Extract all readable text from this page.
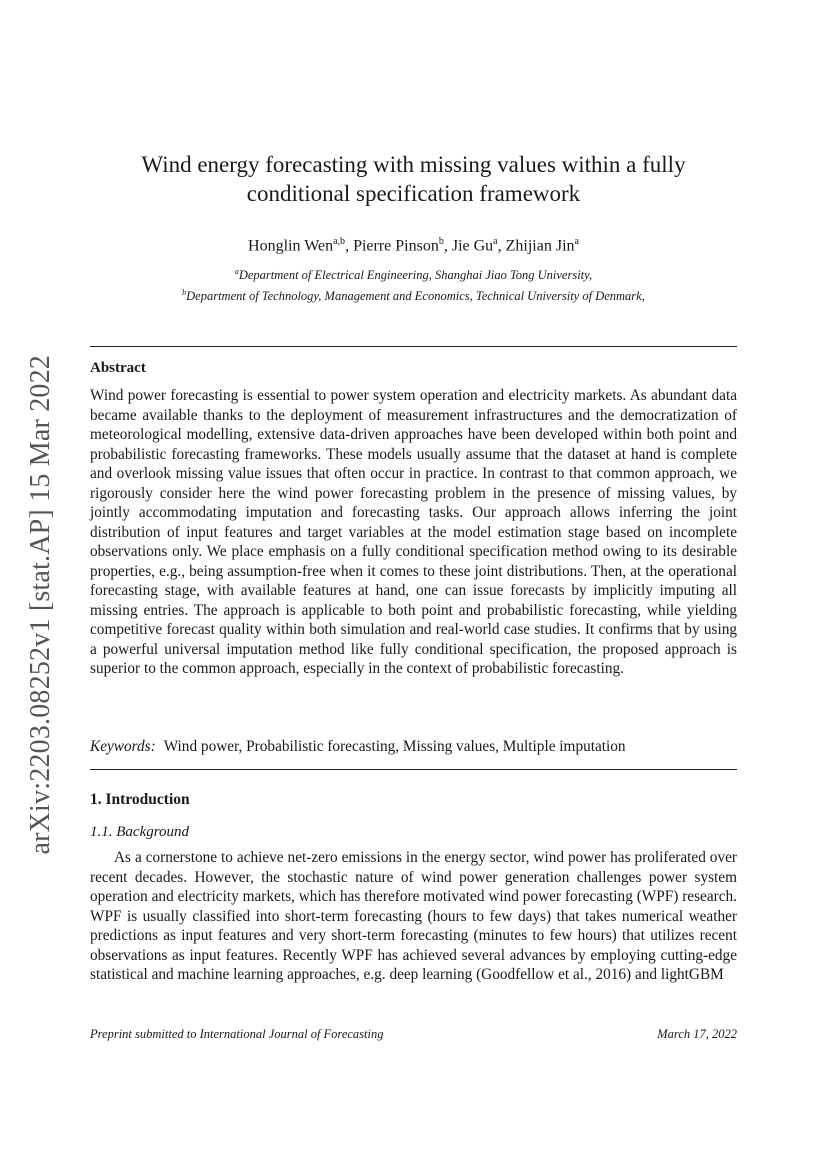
arXiv:2203.08252v1 [stat.AP] 15 Mar 2022
Wind energy forecasting with missing values within a fully
conditional specification framework
Honglin Wen$^{a,b}$, Pierre Pinson$^b$, Jie Gu$^a$, Zhijian Jin$^a$
$^a$Department of Electrical Engineering, Shanghai Jiao Tong University,
$^b$Department of Technology, Management and Economics, Technical University of Denmark,
Abstract
Wind power forecasting is essential to power system operation and electricity markets. As abundant data became available thanks to the deployment of measurement infrastructures and the democratization of meteorological modelling, extensive data-driven approaches have been developed within both point and probabilistic forecasting frameworks. These models usually assume that the dataset at hand is complete and overlook missing value issues that often occur in practice. In contrast to that common approach, we rigorously consider here the wind power forecasting problem in the presence of missing values, by jointly accommodating imputation and forecasting tasks. Our approach allows inferring the joint distribution of input features and target variables at the model estimation stage based on incomplete observations only. We place emphasis on a fully conditional specification method owing to its desirable properties, e.g., being assumption-free when it comes to these joint distributions. Then, at the operational forecasting stage, with available features at hand, one can issue forecasts by implicitly imputing all missing entries. The approach is applicable to both point and probabilistic forecasting, while yielding competitive forecast quality within both simulation and real-world case studies. It confirms that by using a powerful universal imputation method like fully conditional specification, the proposed approach is superior to the common approach, especially in the context of probabilistic forecasting.
Keywords: Wind power, Probabilistic forecasting, Missing values, Multiple imputation
1. Introduction
1.1. Background
As a cornerstone to achieve net-zero emissions in the energy sector, wind power has proliferated over recent decades. However, the stochastic nature of wind power generation challenges power system operation and electricity markets, which has therefore motivated wind power forecasting (WPF) research. WPF is usually classified into short-term forecasting (hours to few days) that takes numerical weather predictions as input features and very short-term forecasting (minutes to few hours) that utilizes recent observations as input features. Recently WPF has achieved several advances by employing cutting-edge statistical and machine learning approaches, e.g. deep learning (Goodfellow et al., 2016) and lightGBM
Preprint submitted to International Journal of Forecasting	March 17, 2022
